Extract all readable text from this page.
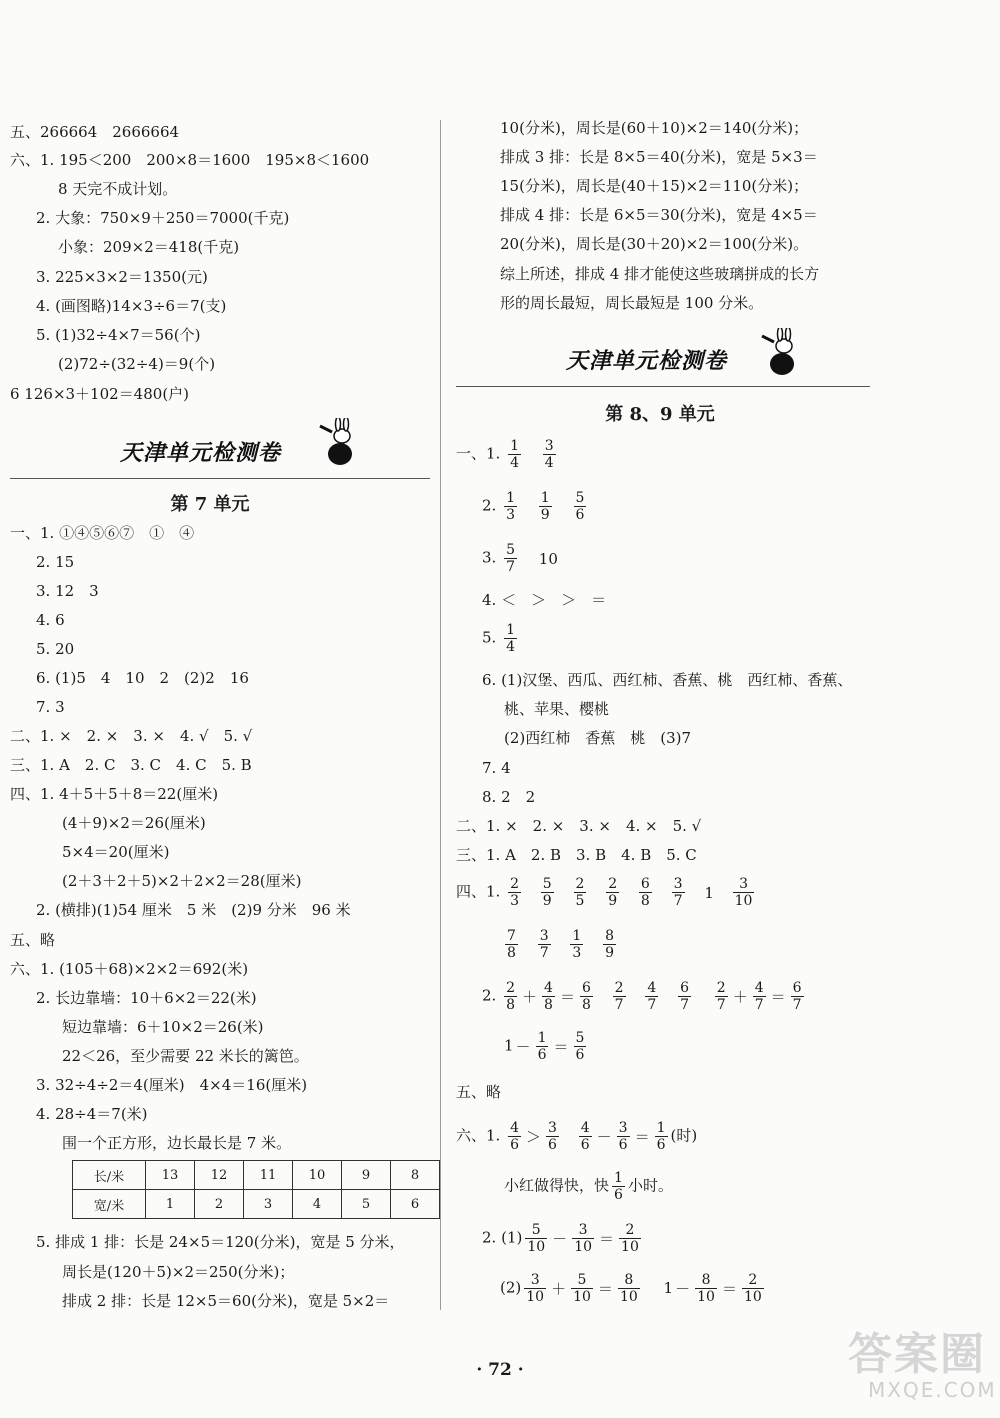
五、266664　2666664
六、1. 195＜200　200×8＝1600　195×8＜1600
8 天完不成计划。
2. 大象：750×9＋250＝7000(千克)
小象：209×2＝418(千克)
3. 225×3×2＝1350(元)
4. (画图略)14×3÷6＝7(支)
5. (1)32÷4×7＝56(个)
(2)72÷(32÷4)＝9(个)
6 126×3＋102＝480(户)
天津单元检测卷
第 7 单元
一、1. ①④⑤⑥⑦　①　④
2. 15
3. 12　3
4. 6
5. 20
6. (1)5　4　10　2　(2)2　16
7. 3
二、1. ×　2. ×　3. ×　4. √　5. √
三、1. A　2. C　3. C　4. C　5. B
四、1. 4＋5＋5＋8＝22(厘米)
(4＋9)×2＝26(厘米)
5×4＝20(厘米)
(2＋3＋2＋5)×2＋2×2＝28(厘米)
2. (横排)(1)54 厘米　5 米　(2)9 分米　96 米
五、略
六、1. (105＋68)×2×2＝692(米)
2. 长边靠墙：10＋6×2＝22(米)
短边靠墙：6＋10×2＝26(米)
22＜26，至少需要 22 米长的篱笆。
3. 32÷4÷2＝4(厘米)　4×4＝16(厘米)
4. 28÷4＝7(米)
围一个正方形，边长最长是 7 米。
5. 排成 1 排：长是 24×5＝120(分米)，宽是 5 分米，
周长是(120＋5)×2＝250(分米)；
排成 2 排：长是 12×5＝60(分米)，宽是 5×2＝
长/米	13	12	11	10	9	8
宽/米	1	2	3	4	5	6
10(分米)，周长是(60＋10)×2＝140(分米)；
排成 3 排：长是 8×5＝40(分米)，宽是 5×3＝
15(分米)，周长是(40＋15)×2＝110(分米)；
排成 4 排：长是 6×5＝30(分米)，宽是 4×5＝
20(分米)，周长是(30＋20)×2＝100(分米)。
综上所述，排成 4 排才能使这些玻璃拼成的长方
形的周长最短，周长最短是 100 分米。
天津单元检测卷
第 8、9 单元
一、1. $\frac{1}{4}$
$\frac{3}{4}$
2. $\frac{1}{3}$
$\frac{1}{9}$
$\frac{5}{6}$
3. $\frac{5}{7} 10$
4. ＜　＞　＞　＝
5. $\frac{1}{4}$
6. (1)汉堡、西瓜、西红柿、香蕉、桃　西红柿、香蕉、
桃、苹果、樱桃
(2)西红柿　香蕉　桃　(3)7
7. 4
8. 2　2
二、1. ×　2. ×　3. ×　4. ×　5. √
三、1. A　2. B　3. B　4. B　5. C
四、1. $\frac{2}{3}$
$\frac{5}{9}$
$\frac{2}{5}$
$\frac{2}{9}$
$\frac{6}{8}$
$\frac{3}{7} 1 \frac{3}{10}$
$\frac{7}{8}$
$\frac{3}{7}$
$\frac{1}{3}$
$\frac{8}{9}$
2. $\frac{2}{8} + \frac{4}{8} = \frac{6}{8}$
$\frac{2}{7}$
$\frac{4}{7}$
$\frac{6}{7}$
$\frac{2}{7} + \frac{4}{7} = \frac{6}{7}$
$1 - \frac{1}{6} = \frac{5}{6}$
五、略
六、1. $\frac{4}{6} > \frac{3}{6}$
$\frac{4}{6} - \frac{3}{6} = \frac{1}{6}$ (时)
小红做得快，快 $\frac{1}{6}$ 小时。
2. $(1) \frac{5}{10} - \frac{3}{10} = \frac{2}{10}$
$(2) \frac{3}{10} + \frac{5}{10} = \frac{8}{10} 1 - \frac{8}{10} = \frac{2}{10}$
· 72 ·	答案圈
MXQE.COM
